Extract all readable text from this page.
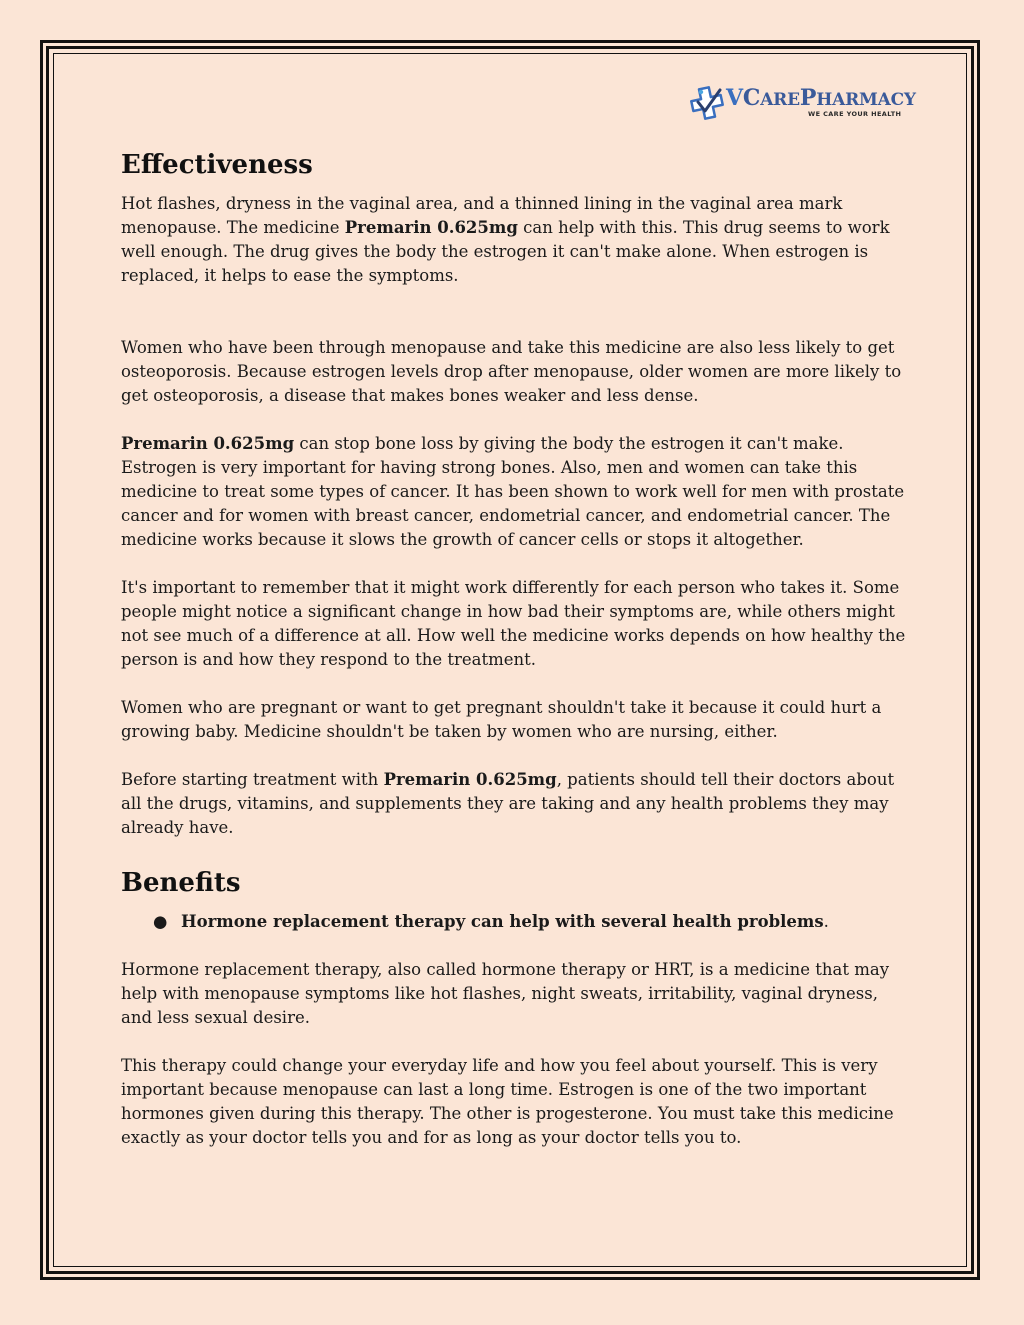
VCAREPHARMACY
WE CARE YOUR HEALTH
Effectiveness

Hot flashes, dryness in the vaginal area, and a thinned lining in the vaginal area mark menopause. The medicine Premarin 0.625mg can help with this. This drug seems to work well enough. The drug gives the body the estrogen it can't make alone. When estrogen is replaced, it helps to ease the symptoms.

Women who have been through menopause and take this medicine are also less likely to get osteoporosis. Because estrogen levels drop after menopause, older women are more likely to get osteoporosis, a disease that makes bones weaker and less dense.

Premarin 0.625mg can stop bone loss by giving the body the estrogen it can't make. Estrogen is very important for having strong bones. Also, men and women can take this medicine to treat some types of cancer. It has been shown to work well for men with prostate cancer and for women with breast cancer, endometrial cancer, and endometrial cancer. The medicine works because it slows the growth of cancer cells or stops it altogether.

It's important to remember that it might work differently for each person who takes it. Some people might notice a significant change in how bad their symptoms are, while others might not see much of a difference at all. How well the medicine works depends on how healthy the person is and how they respond to the treatment.

Women who are pregnant or want to get pregnant shouldn't take it because it could hurt a growing baby. Medicine shouldn't be taken by women who are nursing, either.

Before starting treatment with Premarin 0.625mg, patients should tell their doctors about all the drugs, vitamins, and supplements they are taking and any health problems they may already have.

Benefits
● Hormone replacement therapy can help with several health problems.

Hormone replacement therapy, also called hormone therapy or HRT, is a medicine that may help with menopause symptoms like hot flashes, night sweats, irritability, vaginal dryness, and less sexual desire.

This therapy could change your everyday life and how you feel about yourself. This is very important because menopause can last a long time. Estrogen is one of the two important hormones given during this therapy. The other is progesterone. You must take this medicine exactly as your doctor tells you and for as long as your doctor tells you to.
